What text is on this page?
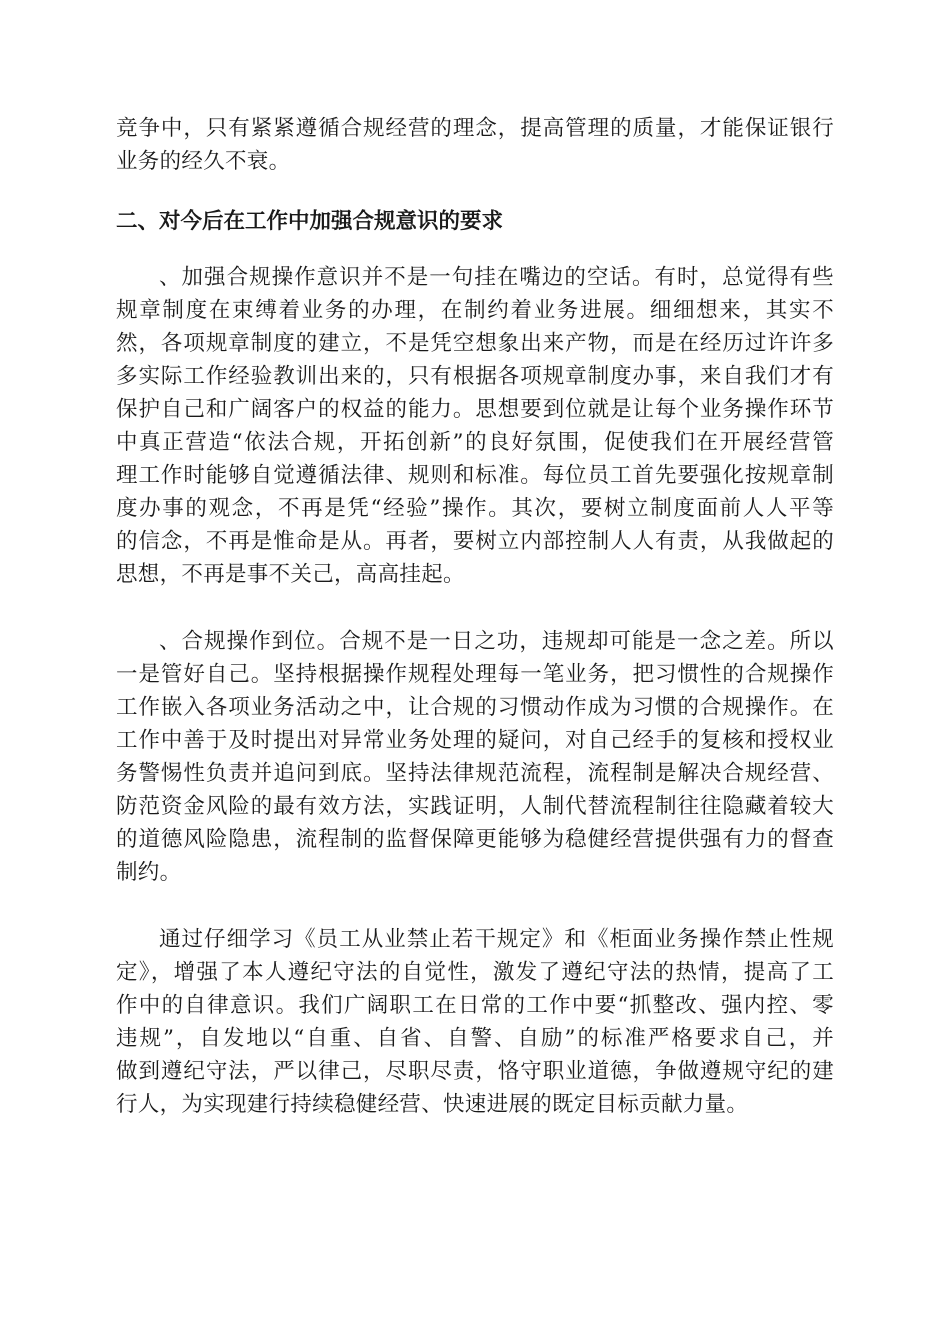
竞争中，只有紧紧遵循合规经营的理念，提高管理的质量，才能保证银行
业务的经久不衰。
二、对今后在工作中加强合规意识的要求
、加强合规操作意识并不是一句挂在嘴边的空话。有时，总觉得有些
规章制度在束缚着业务的办理，在制约着业务进展。细细想来，其实不
然，各项规章制度的建立，不是凭空想象出来产物，而是在经历过许许多
多实际工作经验教训出来的，只有根据各项规章制度办事，来自我们才有
保护自己和广阔客户的权益的能力。思想要到位就是让每个业务操作环节
中真正营造“依法合规，开拓创新”的良好氛围，促使我们在开展经营管
理工作时能够自觉遵循法律、规则和标准。每位员工首先要强化按规章制
度办事的观念，不再是凭“经验”操作。其次，要树立制度面前人人平等
的信念，不再是惟命是从。再者，要树立内部控制人人有责，从我做起的
思想，不再是事不关己，高高挂起。
、合规操作到位。合规不是一日之功，违规却可能是一念之差。所以
一是管好自己。坚持根据操作规程处理每一笔业务，把习惯性的合规操作
工作嵌入各项业务活动之中，让合规的习惯动作成为习惯的合规操作。在
工作中善于及时提出对异常业务处理的疑问，对自己经手的复核和授权业
务警惕性负责并追问到底。坚持法律规范流程，流程制是解决合规经营、
防范资金风险的最有效方法，实践证明，人制代替流程制往往隐藏着较大
的道德风险隐患，流程制的监督保障更能够为稳健经营提供强有力的督查
制约。
通过仔细学习《员工从业禁止若干规定》和《柜面业务操作禁止性规
定》，增强了本人遵纪守法的自觉性，激发了遵纪守法的热情，提高了工
作中的自律意识。我们广阔职工在日常的工作中要“抓整改、强内控、零
违规”，自发地以“自重、自省、自警、自励”的标准严格要求自己，并
做到遵纪守法，严以律己，尽职尽责，恪守职业道德，争做遵规守纪的建
行人，为实现建行持续稳健经营、快速进展的既定目标贡献力量。
